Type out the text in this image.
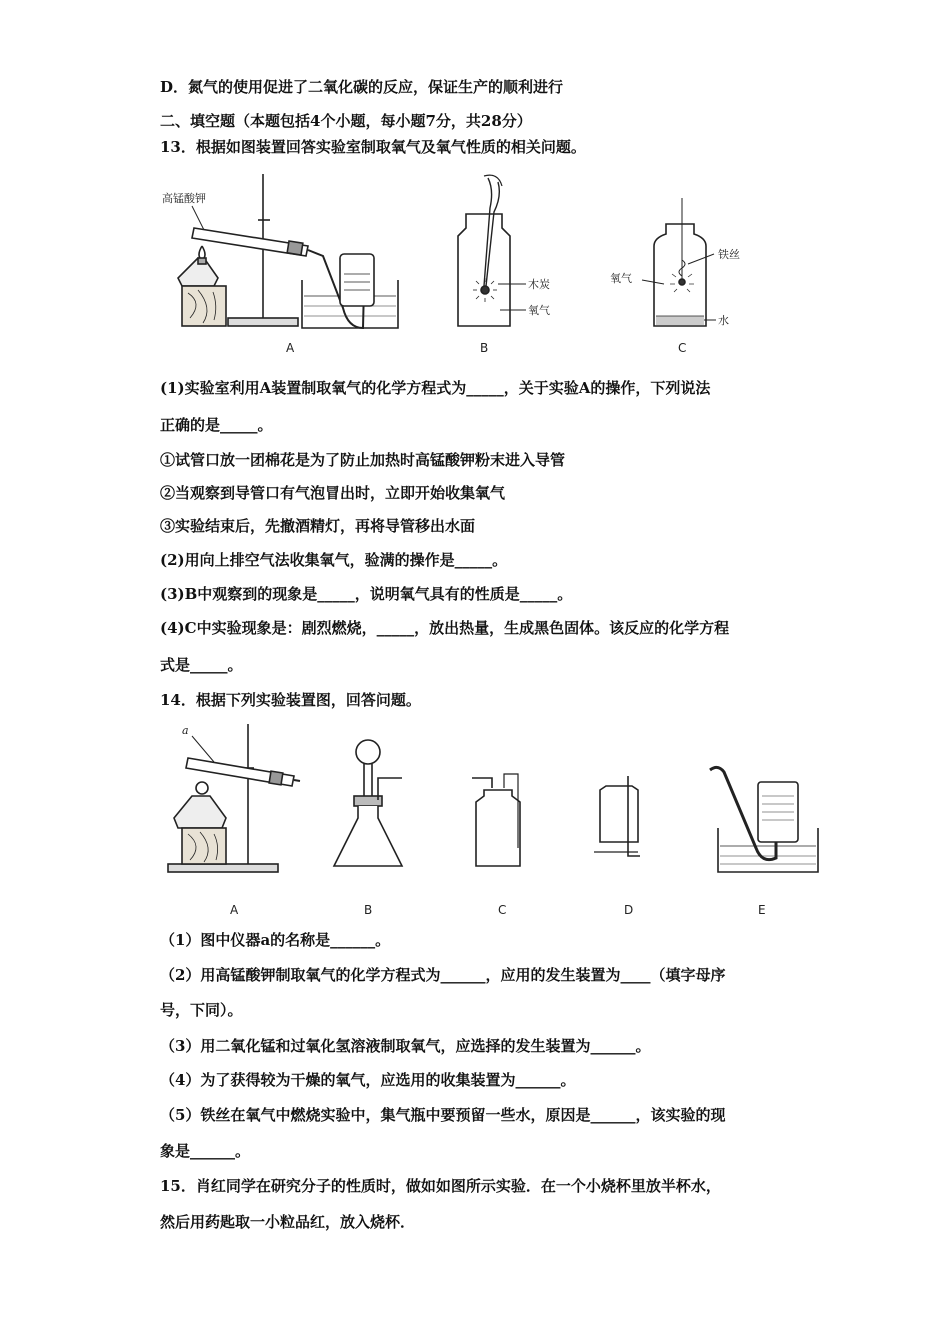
D．氮气的使用促进了二氧化碳的反应，保证生产的顺利进行
二、填空题（本题包括4个小题，每小题7分，共28分）
13．根据如图装置回答实验室制取氧气及氧气性质的相关问题。
高锰酸钾
A
木炭
氧气
B
铁丝
氧气
水
C
(1)实验室利用A装置制取氧气的化学方程式为_____，关于实验A的操作，下列说法
正确的是_____。
①试管口放一团棉花是为了防止加热时高锰酸钾粉末进入导管
②当观察到导管口有气泡冒出时，立即开始收集氧气
③实验结束后，先撤酒精灯，再将导管移出水面
(2)用向上排空气法收集氧气，验满的操作是_____。
(3)B中观察到的现象是_____，说明氧气具有的性质是_____。
(4)C中实验现象是：剧烈燃烧，_____，放出热量，生成黑色固体。该反应的化学方程
式是_____。
14．根据下列实验装置图，回答问题。
a
A	B	C	D	E
（1）图中仪器a的名称是______。
（2）用高锰酸钾制取氧气的化学方程式为______，应用的发生装置为____（填字母序
号，下同）。
（3）用二氧化锰和过氧化氢溶液制取氧气，应选择的发生装置为______。
（4）为了获得较为干燥的氧气，应选用的收集装置为______。
（5）铁丝在氧气中燃烧实验中，集气瓶中要预留一些水，原因是______，该实验的现
象是______。
15．肖红同学在研究分子的性质时，做如如图所示实验．在一个小烧杯里放半杯水，
然后用药匙取一小粒品红，放入烧杯．
